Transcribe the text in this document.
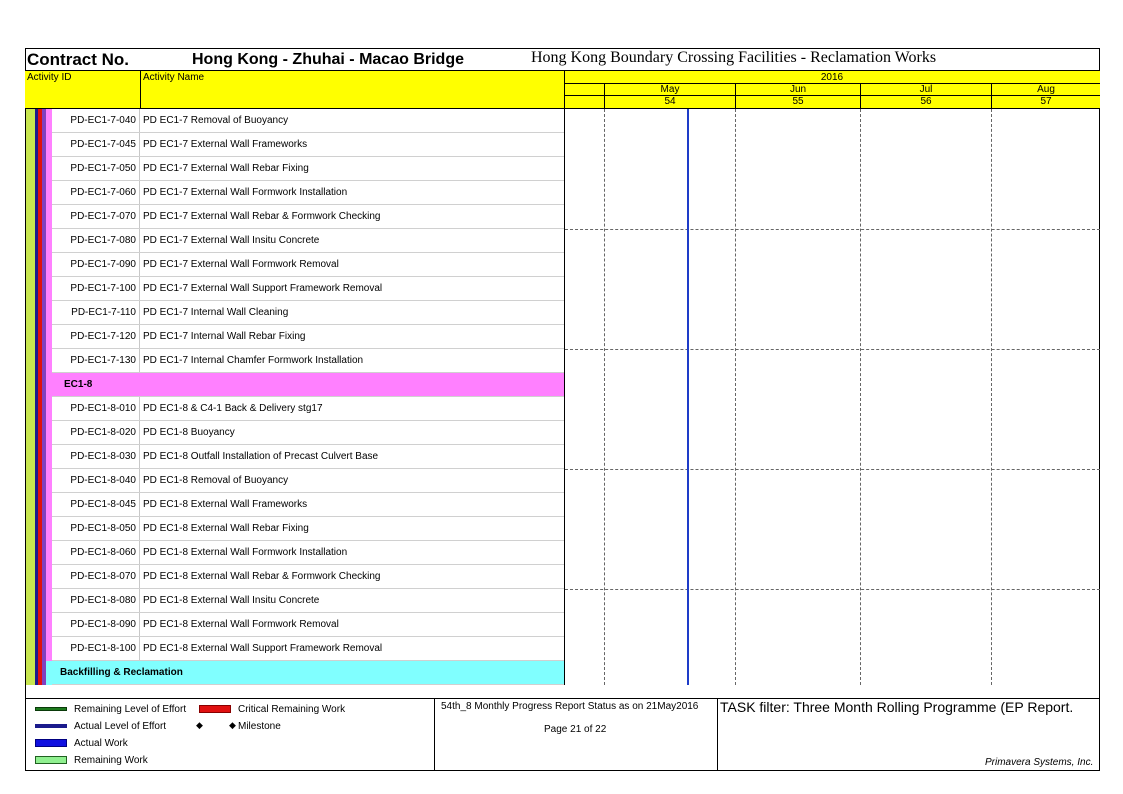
Contract No.	Hong Kong - Zhuhai - Macao Bridge	Hong Kong Boundary Crossing Facilities - Reclamation Works
Activity ID	Activity Name	2016
May	Jun	Jul	Aug
54	55	56	57
PD-EC1-7-040 PD EC1-7 Removal of Buoyancy
PD-EC1-7-045 PD EC1-7 External Wall Frameworks
PD-EC1-7-050 PD EC1-7 External Wall Rebar Fixing
PD-EC1-7-060 PD EC1-7 External Wall Formwork Installation
PD-EC1-7-070 PD EC1-7 External Wall Rebar & Formwork Checking
PD-EC1-7-080 PD EC1-7 External Wall Insitu Concrete
PD-EC1-7-090 PD EC1-7 External Wall Formwork Removal
PD-EC1-7-100 PD EC1-7 External Wall Support Framework Removal
PD-EC1-7-110 PD EC1-7 Internal Wall Cleaning
PD-EC1-7-120 PD EC1-7 Internal Wall Rebar Fixing
PD-EC1-7-130 PD EC1-7 Internal Chamfer Formwork Installation
EC1-8
PD-EC1-8-010 PD EC1-8 & C4-1 Back & Delivery stg17
PD-EC1-8-020 PD EC1-8 Buoyancy
PD-EC1-8-030 PD EC1-8 Outfall Installation of Precast Culvert Base
PD-EC1-8-040 PD EC1-8 Removal of Buoyancy
PD-EC1-8-045 PD EC1-8 External Wall Frameworks
PD-EC1-8-050 PD EC1-8 External Wall Rebar Fixing
PD-EC1-8-060 PD EC1-8 External Wall Formwork Installation
PD-EC1-8-070 PD EC1-8 External Wall Rebar & Formwork Checking
PD-EC1-8-080 PD EC1-8 External Wall Insitu Concrete
PD-EC1-8-090 PD EC1-8 External Wall Formwork Removal
PD-EC1-8-100 PD EC1-8 External Wall Support Framework Removal
Backfilling & Reclamation
Remaining Level of Effort	Critical Remaining Work
Actual Level of Effort	◆	◆ Milestone
Actual Work
Remaining Work
54th_8 Monthly Progress Report Status as on 21May2016
Page 21 of 22
TASK filter: Three Month Rolling Programme (EP Report.
Primavera Systems, Inc.
